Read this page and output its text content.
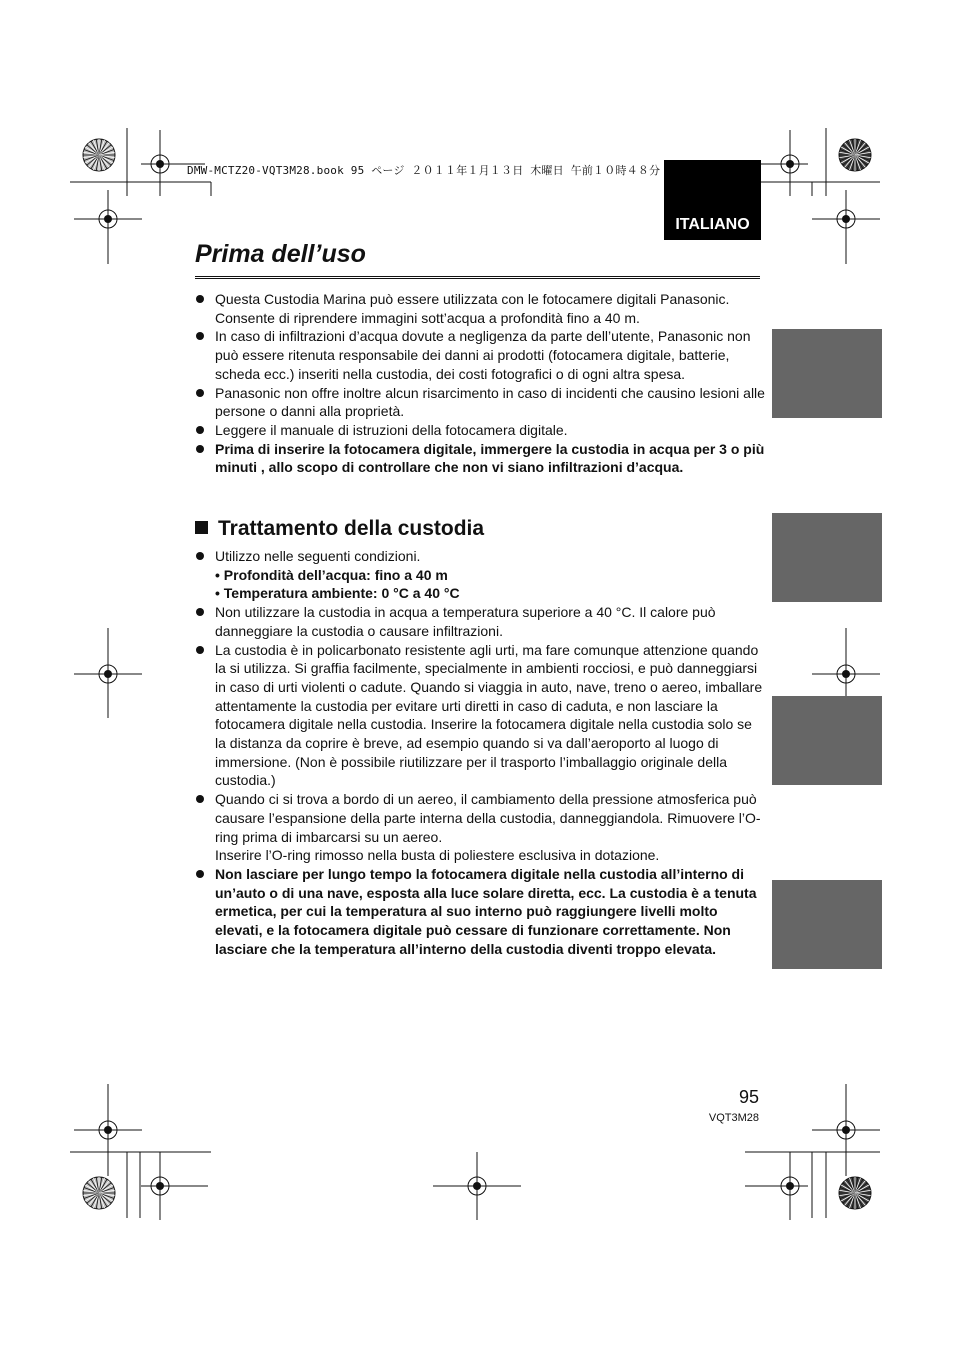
DMW-MCTZ20-VQT3M28.book 95 ページ ２０１１年１月１３日 木曜日 午前１０時４８分
ITALIANO
Prima dell’uso
Questa Custodia Marina può essere utilizzata con le fotocamere digitali Panasonic. Consente di riprendere immagini sott’acqua a profondità fino a 40 m.
In caso di infiltrazioni d’acqua dovute a negligenza da parte dell’utente, Panasonic non può essere ritenuta responsabile dei danni ai prodotti (fotocamera digitale, batterie, scheda ecc.) inseriti nella custodia, dei costi fotografici o di ogni altra spesa.
Panasonic non offre inoltre alcun risarcimento in caso di incidenti che causino lesioni alle persone o danni alla proprietà.
Leggere il manuale di istruzioni della fotocamera digitale.
Prima di inserire la fotocamera digitale, immergere la custodia in acqua per 3 o più minuti , allo scopo di controllare che non vi siano infiltrazioni d’acqua.
Trattamento della custodia
Utilizzo nelle seguenti condizioni.
• Profondità dell’acqua: fino a 40 m
• Temperatura ambiente: 0 °C a 40 °C
Non utilizzare la custodia in acqua a temperatura superiore a 40 °C. Il calore può danneggiare la custodia o causare infiltrazioni.
La custodia è in policarbonato resistente agli urti, ma fare comunque attenzione quando la si utilizza. Si graffia facilmente, specialmente in ambienti rocciosi, e può danneggiarsi in caso di urti violenti o cadute. Quando si viaggia in auto, nave, treno o aereo, imballare attentamente la custodia per evitare urti diretti in caso di caduta, e non lasciare la fotocamera digitale nella custodia. Inserire la fotocamera digitale nella custodia solo se la distanza da coprire è breve, ad esempio quando si va dall’aeroporto al luogo di immersione. (Non è possibile riutilizzare per il trasporto l’imballaggio originale della custodia.)
Quando ci si trova a bordo di un aereo, il cambiamento della pressione atmosferica può causare l’espansione della parte interna della custodia, danneggiandola. Rimuovere l’O-ring prima di imbarcarsi su un aereo.
Inserire l’O-ring rimosso nella busta di poliestere esclusiva in dotazione.
Non lasciare per lungo tempo la fotocamera digitale nella custodia all’interno di un’auto o di una nave, esposta alla luce solare diretta, ecc. La custodia è a tenuta ermetica, per cui la temperatura al suo interno può raggiungere livelli molto elevati, e la fotocamera digitale può cessare di funzionare correttamente. Non lasciare che la temperatura all’interno della custodia diventi troppo elevata.
95
VQT3M28
